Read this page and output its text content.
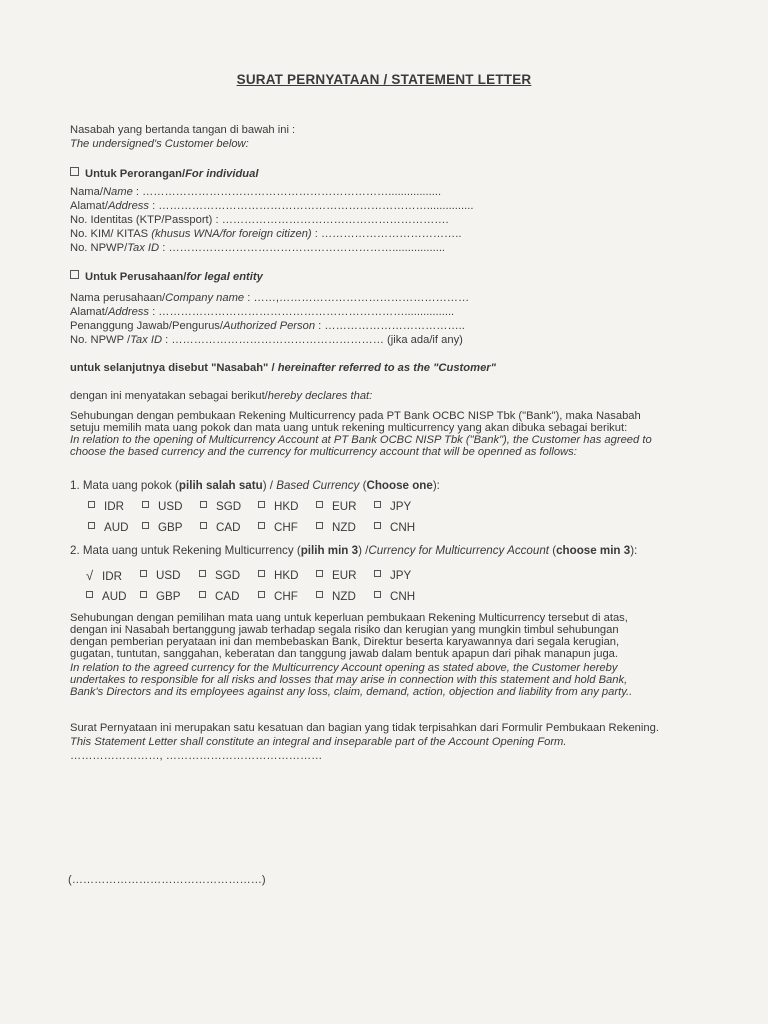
SURAT PERNYATAAN / STATEMENT LETTER
Nasabah yang bertanda tangan di bawah ini :
The undersigned's Customer below:
Untuk Perorangan/For individual
Nama/Name : ………………………………………………………….................
Alamat/Address : ………………………………………………………………...............
No. Identitas (KTP/Passport) : …………………………………………………….
No. KIM/ KITAS (khusus WNA/for foreign citizen) : ………………………………..
No. NPWP/Tax ID : …………………………………………………….................
Untuk Perusahaan/for legal entity
Nama perusahaan/Company name : ……,……………………………………………
Alamat/Address : …………………………………………………………................
Penanggung Jawab/Pengurus/Authorized Person : ………………………………..
No. NPWP /Tax ID : ………………………………………………… (jika ada/if any)
untuk selanjutnya disebut "Nasabah" / hereinafter referred to as the "Customer"
dengan ini menyatakan sebagai berikut/hereby declares that:
Sehubungan dengan pembukaan Rekening Multicurrency pada PT Bank OCBC NISP Tbk ("Bank"), maka Nasabah
setuju memilih mata uang pokok dan mata uang untuk rekening multicurrency yang akan dibuka sebagai berikut:
In relation to the opening of Multicurrency Account at PT Bank OCBC NISP Tbk ("Bank"), the Customer has agreed to
choose the based currency and the currency for multicurrency account that will be openned as follows:
1. Mata uang pokok (pilih salah satu) / Based Currency (Choose one):
IDR	USD	SGD	HKD	EUR	JPY
AUD	GBP	CAD	CHF	NZD	CNH
2. Mata uang untuk Rekening Multicurrency (pilih min 3) /Currency for Multicurrency Account (choose min 3):
√ IDR	USD	SGD	HKD	EUR	JPY
AUD	GBP	CAD	CHF	NZD	CNH
Sehubungan dengan pemilihan mata uang untuk keperluan pembukaan Rekening Multicurrency tersebut di atas,
dengan ini Nasabah bertanggung jawab terhadap segala risiko dan kerugian yang mungkin timbul sehubungan
dengan pemberian peryataan ini dan membebaskan Bank, Direktur beserta karyawannya dari segala kerugian,
gugatan, tuntutan, sanggahan, keberatan dan tanggung jawab dalam bentuk apapun dari pihak manapun juga.
In relation to the agreed currency for the Multicurrency Account opening as stated above, the Customer hereby
undertakes to responsible for all risks and losses that may arise in connection with this statement and hold Bank,
Bank's Directors and its employees against any loss, claim, demand, action, objection and liability from any party..
Surat Pernyataan ini merupakan satu kesatuan dan bagian yang tidak terpisahkan dari Formulir Pembukaan Rekening.
This Statement Letter shall constitute an integral and inseparable part of the Account Opening Form.
……………………, ……………………………………
(……………………………………………)
